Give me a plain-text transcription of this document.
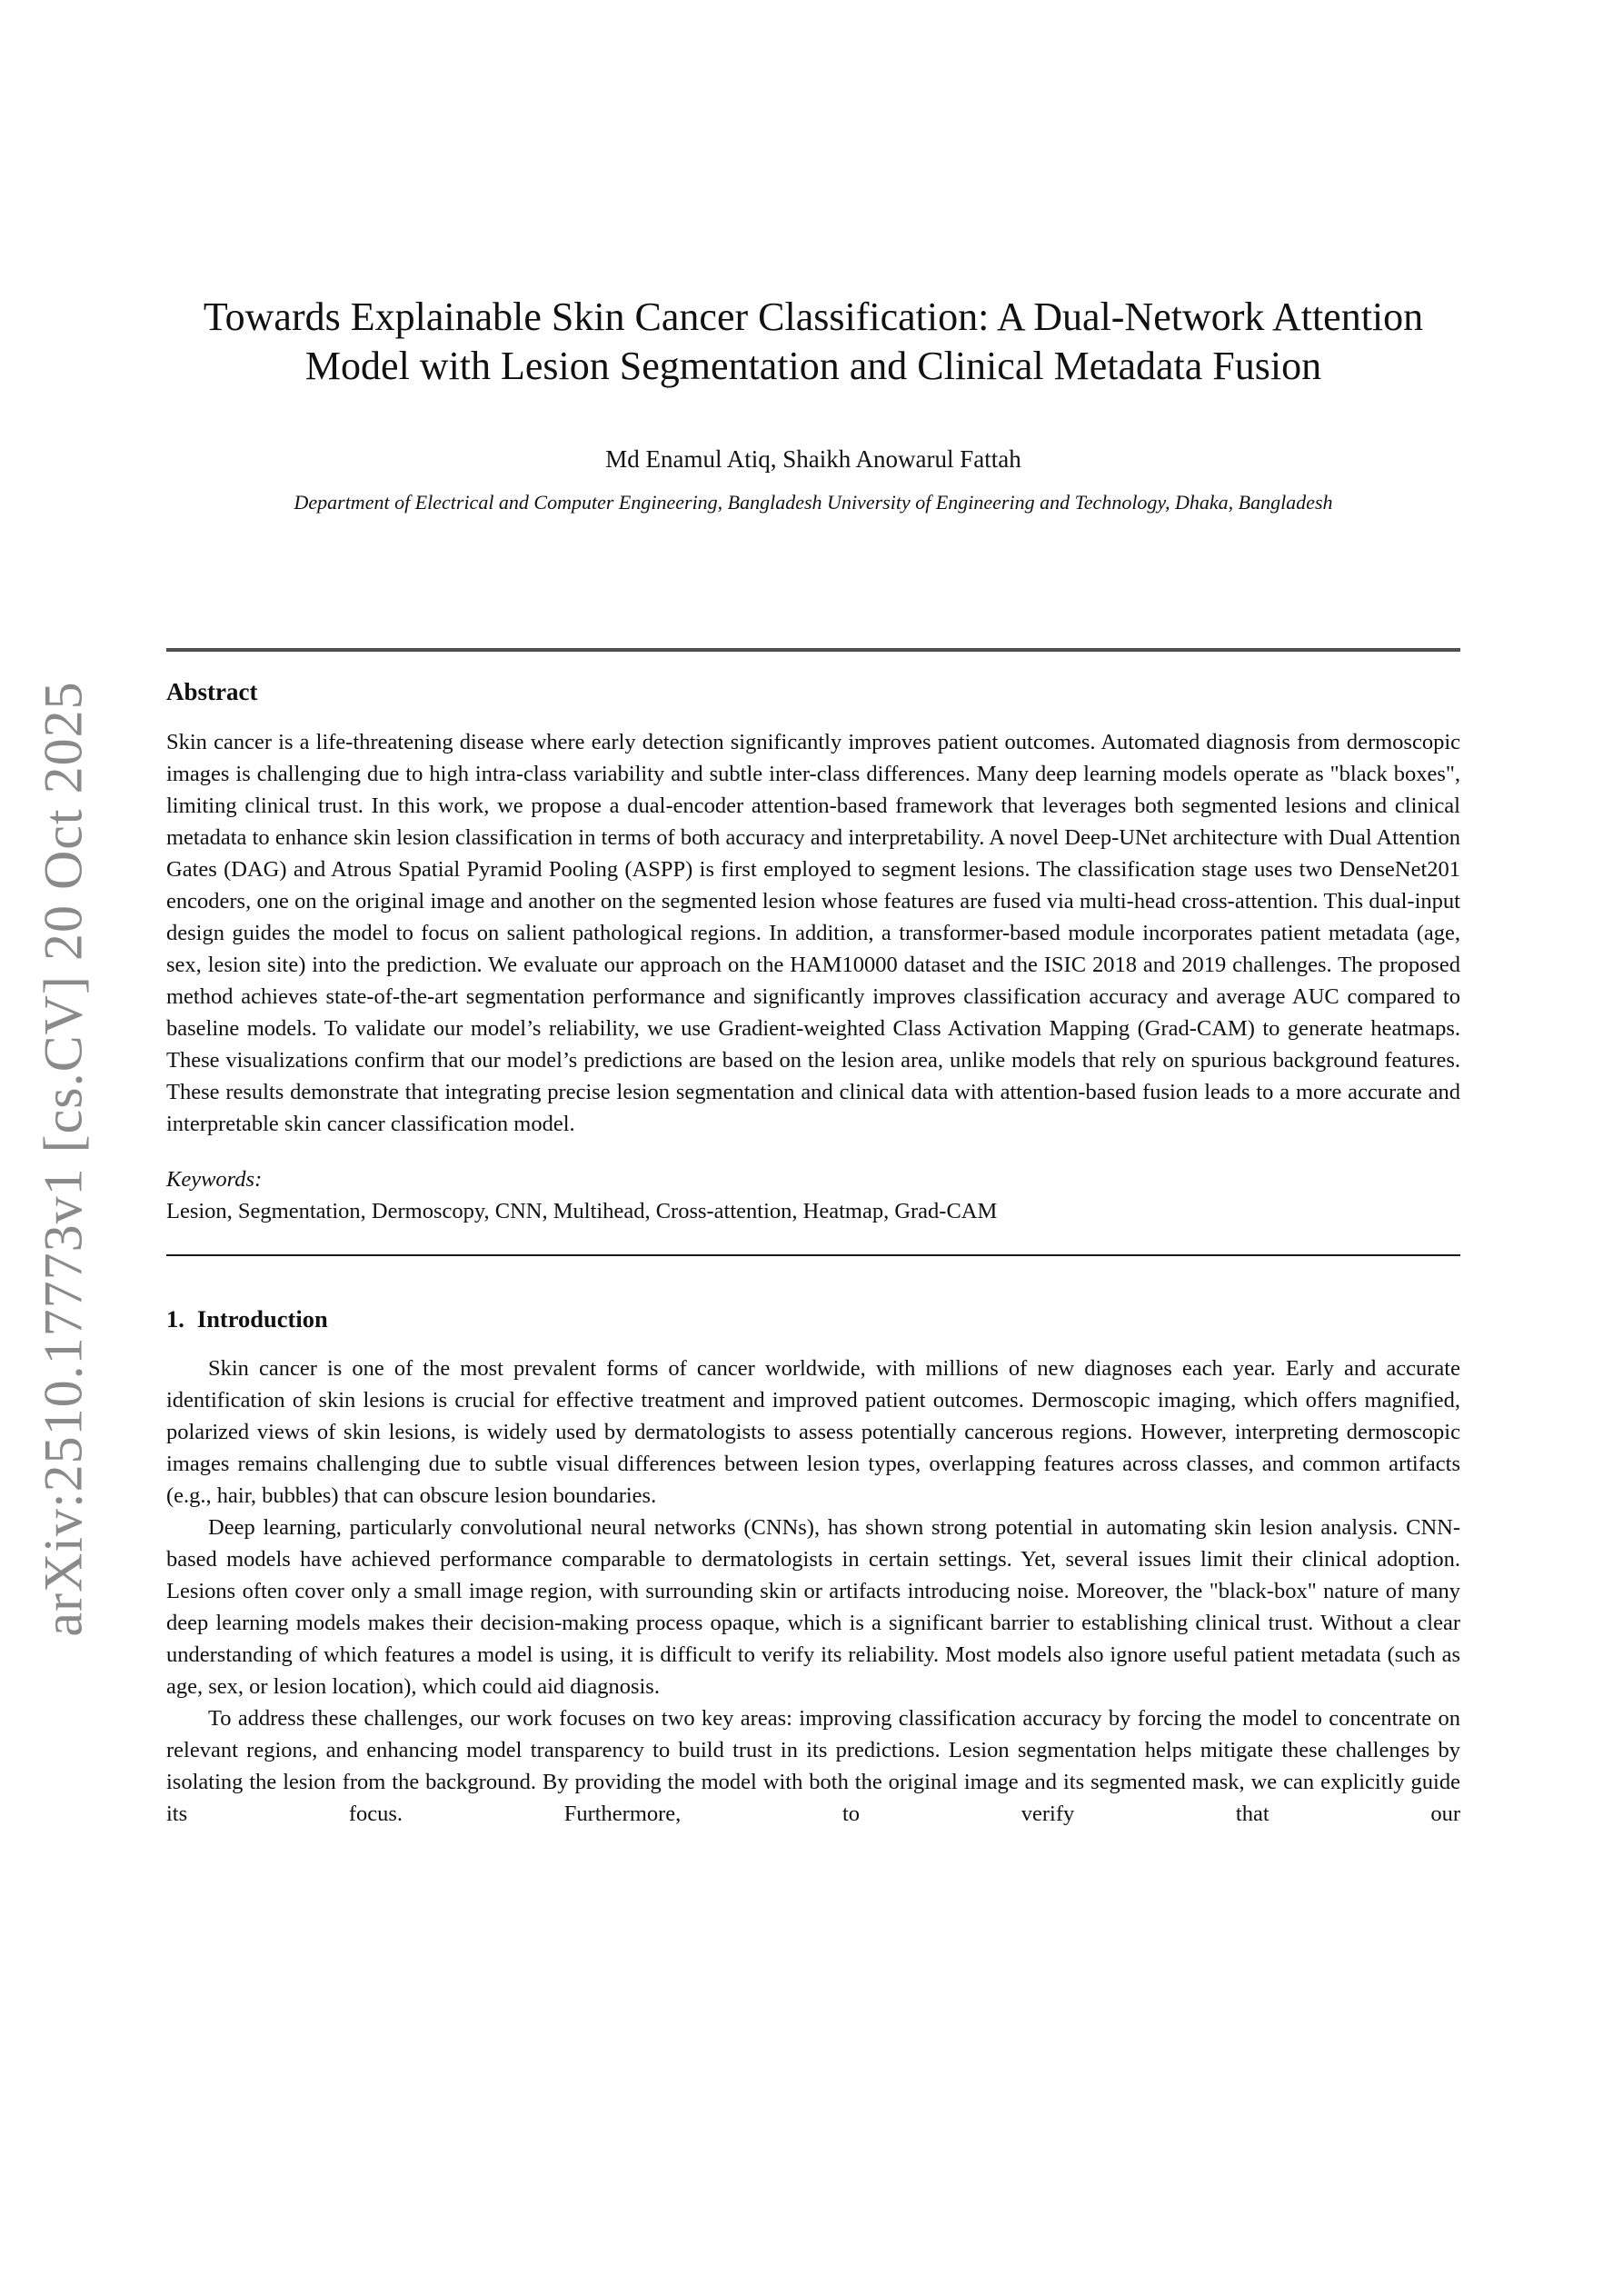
arXiv:2510.17773v1 [cs.CV] 20 Oct 2025
Towards Explainable Skin Cancer Classification: A Dual-Network Attention
Model with Lesion Segmentation and Clinical Metadata Fusion
Md Enamul Atiq, Shaikh Anowarul Fattah
Department of Electrical and Computer Engineering, Bangladesh University of Engineering and Technology, Dhaka, Bangladesh
Abstract

Skin cancer is a life-threatening disease where early detection significantly improves patient outcomes. Automated diagnosis from dermoscopic images is challenging due to high intra-class variability and subtle inter-class differences. Many deep learning models operate as "black boxes", limiting clinical trust. In this work, we propose a dual-encoder attention-based framework that leverages both segmented lesions and clinical metadata to enhance skin lesion classification in terms of both accuracy and interpretability. A novel Deep-UNet architecture with Dual Attention Gates (DAG) and Atrous Spatial Pyramid Pooling (ASPP) is first employed to segment lesions. The classification stage uses two DenseNet201 encoders, one on the original image and another on the segmented lesion whose features are fused via multi-head cross-attention. This dual-input design guides the model to focus on salient pathological regions. In addition, a transformer-based module incorporates patient metadata (age, sex, lesion site) into the prediction. We evaluate our approach on the HAM10000 dataset and the ISIC 2018 and 2019 challenges. The proposed method achieves state-of-the-art segmentation performance and significantly improves classification accuracy and average AUC compared to baseline models. To validate our model’s reliability, we use Gradient-weighted Class Activation Mapping (Grad-CAM) to generate heatmaps. These visualizations confirm that our model’s predictions are based on the lesion area, unlike models that rely on spurious background features. These results demonstrate that integrating precise lesion segmentation and clinical data with attention-based fusion leads to a more accurate and interpretable skin cancer classification model.

Keywords:

Lesion, Segmentation, Dermoscopy, CNN, Multihead, Cross-attention, Heatmap, Grad-CAM

1. Introduction

Skin cancer is one of the most prevalent forms of cancer worldwide, with millions of new diagnoses each year. Early and accurate identification of skin lesions is crucial for effective treatment and improved patient outcomes. Dermoscopic imaging, which offers magnified, polarized views of skin lesions, is widely used by dermatologists to assess potentially cancerous regions. However, interpreting dermoscopic images remains challenging due to subtle visual differences between lesion types, overlapping features across classes, and common artifacts (e.g., hair, bubbles) that can obscure lesion boundaries.

Deep learning, particularly convolutional neural networks (CNNs), has shown strong potential in automating skin lesion analysis. CNN-based models have achieved performance comparable to dermatologists in certain settings. Yet, several issues limit their clinical adoption. Lesions often cover only a small image region, with surrounding skin or artifacts introducing noise. Moreover, the "black-box" nature of many deep learning models makes their decision-making process opaque, which is a significant barrier to establishing clinical trust. Without a clear understanding of which features a model is using, it is difficult to verify its reliability. Most models also ignore useful patient metadata (such as age, sex, or lesion location), which could aid diagnosis.

To address these challenges, our work focuses on two key areas: improving classification accuracy by forcing the model to concentrate on relevant regions, and enhancing model transparency to build trust in its predictions. Lesion segmentation helps mitigate these challenges by isolating the lesion from the background. By providing the model with both the original image and its segmented mask, we can explicitly guide its focus. Furthermore, to verify that our
